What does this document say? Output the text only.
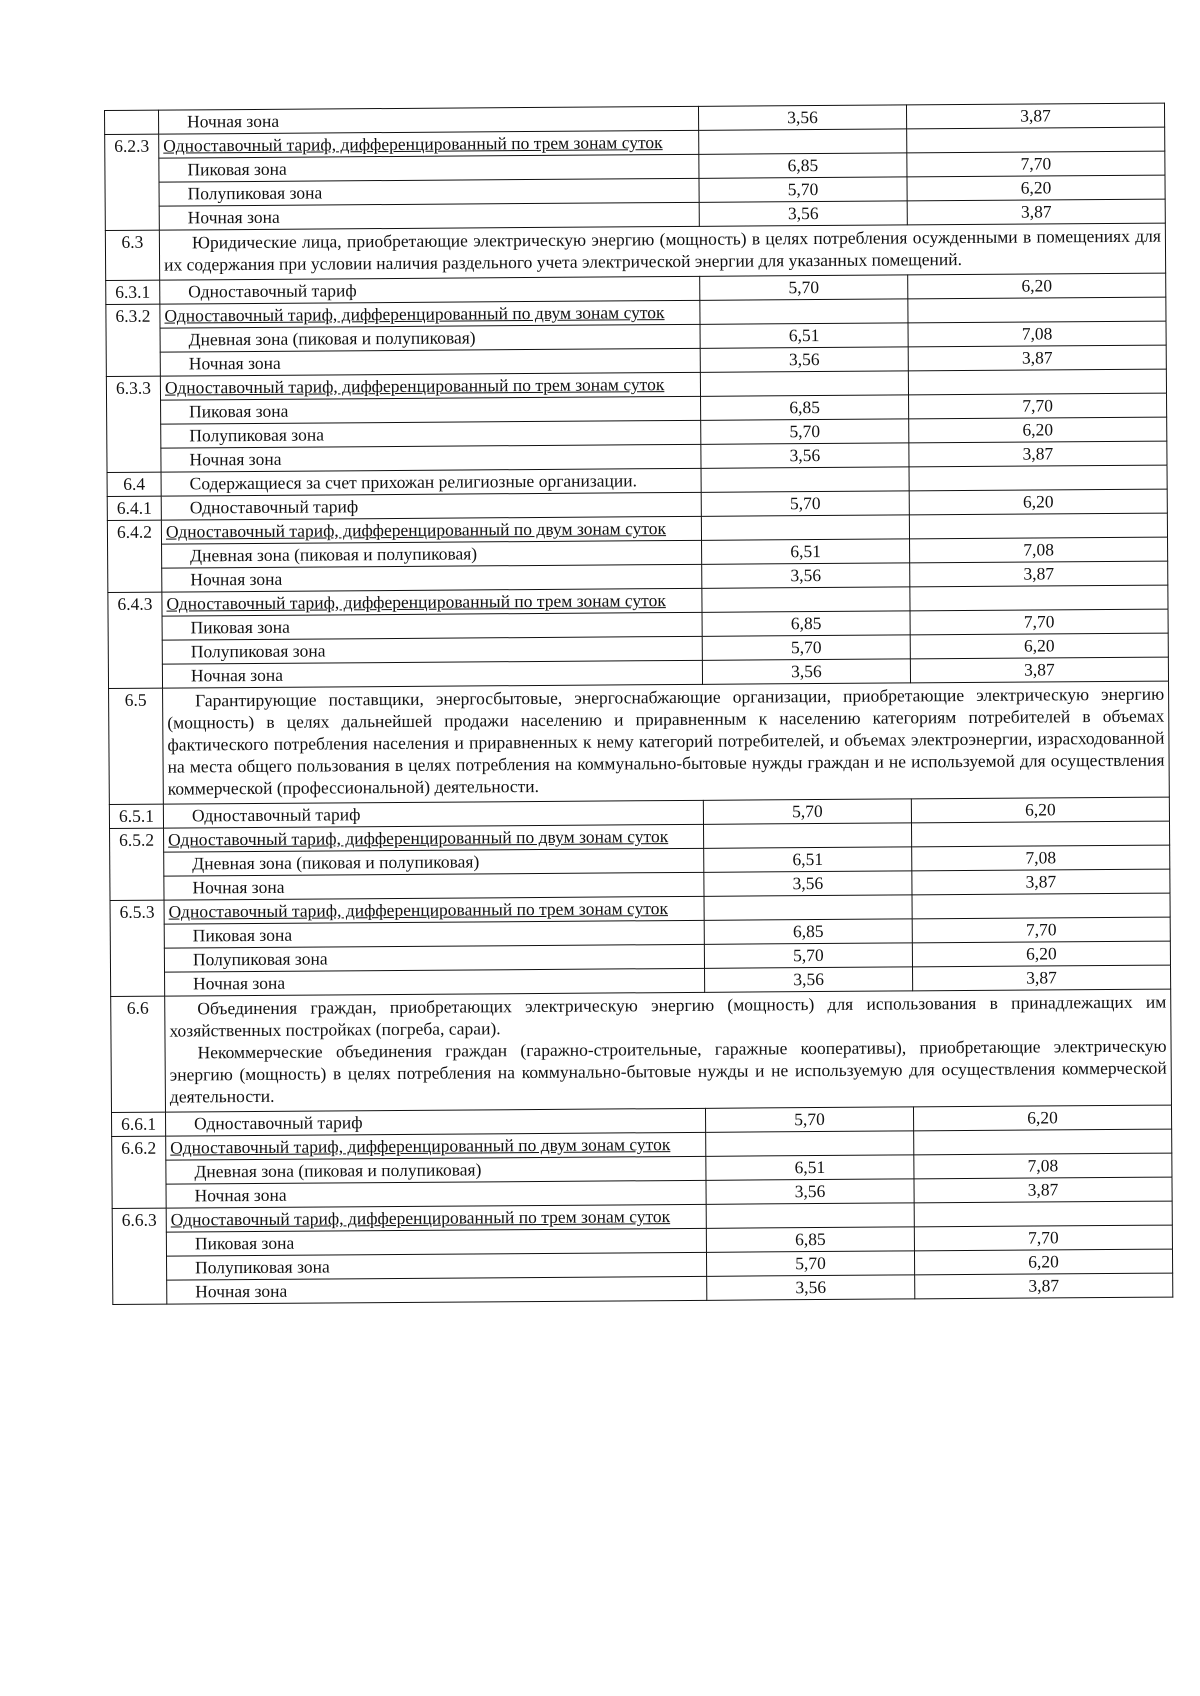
	Ночная зона	3,56	3,87
6.2.3	Одноставочный тариф, дифференцированный по трем зонам суток		
	Пиковая зона	6,85	7,70
	Полупиковая зона	5,70	6,20
	Ночная зона	3,56	3,87
6.3	Юридические лица, приобретающие электрическую энергию (мощность) в целях потребления осужденными в помещениях для их содержания при условии наличия раздельного учета электрической энергии для указанных помещений.		

6.3.1	Одноставочный тариф	5,70	6,20
6.3.2	Одноставочный тариф, дифференцированный по двум зонам суток		
	Дневная зона (пиковая и полупиковая)	6,51	7,08
	Ночная зона	3,56	3,87
6.3.3	Одноставочный тариф, дифференцированный по трем зонам суток		
	Пиковая зона	6,85	7,70
	Полупиковая зона	5,70	6,20
	Ночная зона	3,56	3,87
6.4	Содержащиеся за счет прихожан религиозные организации.		
6.4.1	Одноставочный тариф	5,70	6,20
6.4.2	Одноставочный тариф, дифференцированный по двум зонам суток		
	Дневная зона (пиковая и полупиковая)	6,51	7,08
	Ночная зона	3,56	3,87
6.4.3	Одноставочный тариф, дифференцированный по трем зонам суток		
	Пиковая зона	6,85	7,70
	Полупиковая зона	5,70	6,20
	Ночная зона	3,56	3,87
6.5	Гарантирующие поставщики, энергосбытовые, энергоснабжающие организации, приобретающие электрическую энергию (мощность) в целях дальнейшей продажи населению и приравненным к населению категориям потребителей в объемах фактического потребления населения и приравненных к нему категорий потребителей, и объемах электроэнергии, израсходованной на места общего пользования в целях потребления на коммунально-бытовые нужды граждан и не используемой для осуществления коммерческой (профессиональной) деятельности.		

6.5.1	Одноставочный тариф	5,70	6,20
6.5.2	Одноставочный тариф, дифференцированный по двум зонам суток		
	Дневная зона (пиковая и полупиковая)	6,51	7,08
	Ночная зона	3,56	3,87
6.5.3	Одноставочный тариф, дифференцированный по трем зонам суток		
	Пиковая зона	6,85	7,70
	Полупиковая зона	5,70	6,20
	Ночная зона	3,56	3,87
6.6	Объединения граждан, приобретающих электрическую энергию (мощность) для использования в принадлежащих им хозяйственных постройках (погреба, сараи).

Некоммерческие объединения граждан (гаражно-строительные, гаражные кооперативы), приобретающие электрическую энергию (мощность) в целях потребления на коммунально-бытовые нужды и не используемую для осуществления коммерческой деятельности.		

6.6.1	Одноставочный тариф	5,70	6,20
6.6.2	Одноставочный тариф, дифференцированный по двум зонам суток		
	Дневная зона (пиковая и полупиковая)	6,51	7,08
	Ночная зона	3,56	3,87
6.6.3	Одноставочный тариф, дифференцированный по трем зонам суток		
	Пиковая зона	6,85	7,70
	Полупиковая зона	5,70	6,20
	Ночная зона	3,56	3,87
